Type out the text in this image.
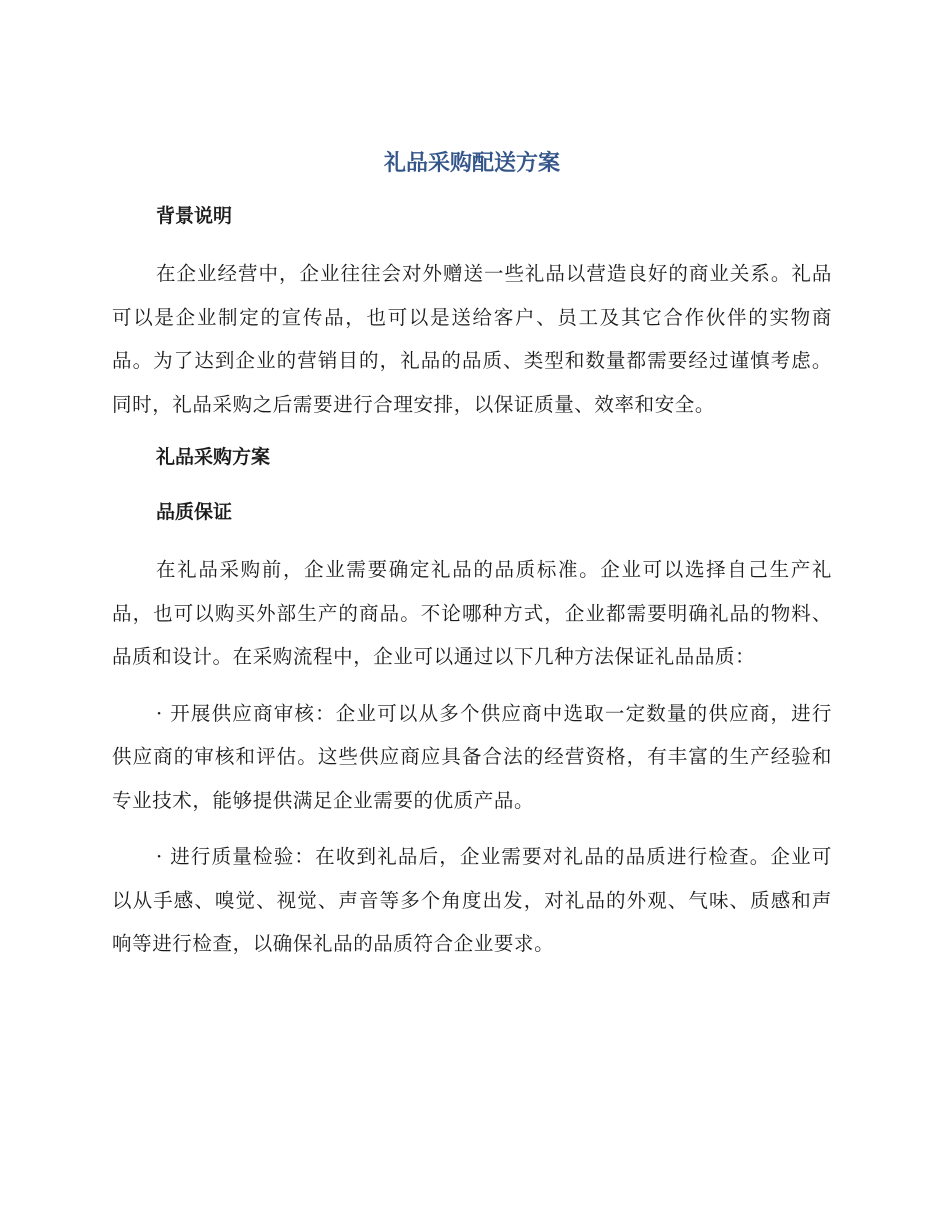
礼品采购配送方案
背景说明

在企业经营中，企业往往会对外赠送一些礼品以营造良好的商业关系。礼品可以是企业制定的宣传品，也可以是送给客户、员工及其它合作伙伴的实物商品。为了达到企业的营销目的，礼品的品质、类型和数量都需要经过谨慎考虑。同时，礼品采购之后需要进行合理安排，以保证质量、效率和安全。

礼品采购方案
品质保证

在礼品采购前，企业需要确定礼品的品质标准。企业可以选择自己生产礼品，也可以购买外部生产的商品。不论哪种方式，企业都需要明确礼品的物料、品质和设计。在采购流程中，企业可以通过以下几种方法保证礼品品质：

· 开展供应商审核：企业可以从多个供应商中选取一定数量的供应商，进行供应商的审核和评估。这些供应商应具备合法的经营资格，有丰富的生产经验和专业技术，能够提供满足企业需要的优质产品。

· 进行质量检验：在收到礼品后，企业需要对礼品的品质进行检查。企业可以从手感、嗅觉、视觉、声音等多个角度出发，对礼品的外观、气味、质感和声响等进行检查，以确保礼品的品质符合企业要求。
